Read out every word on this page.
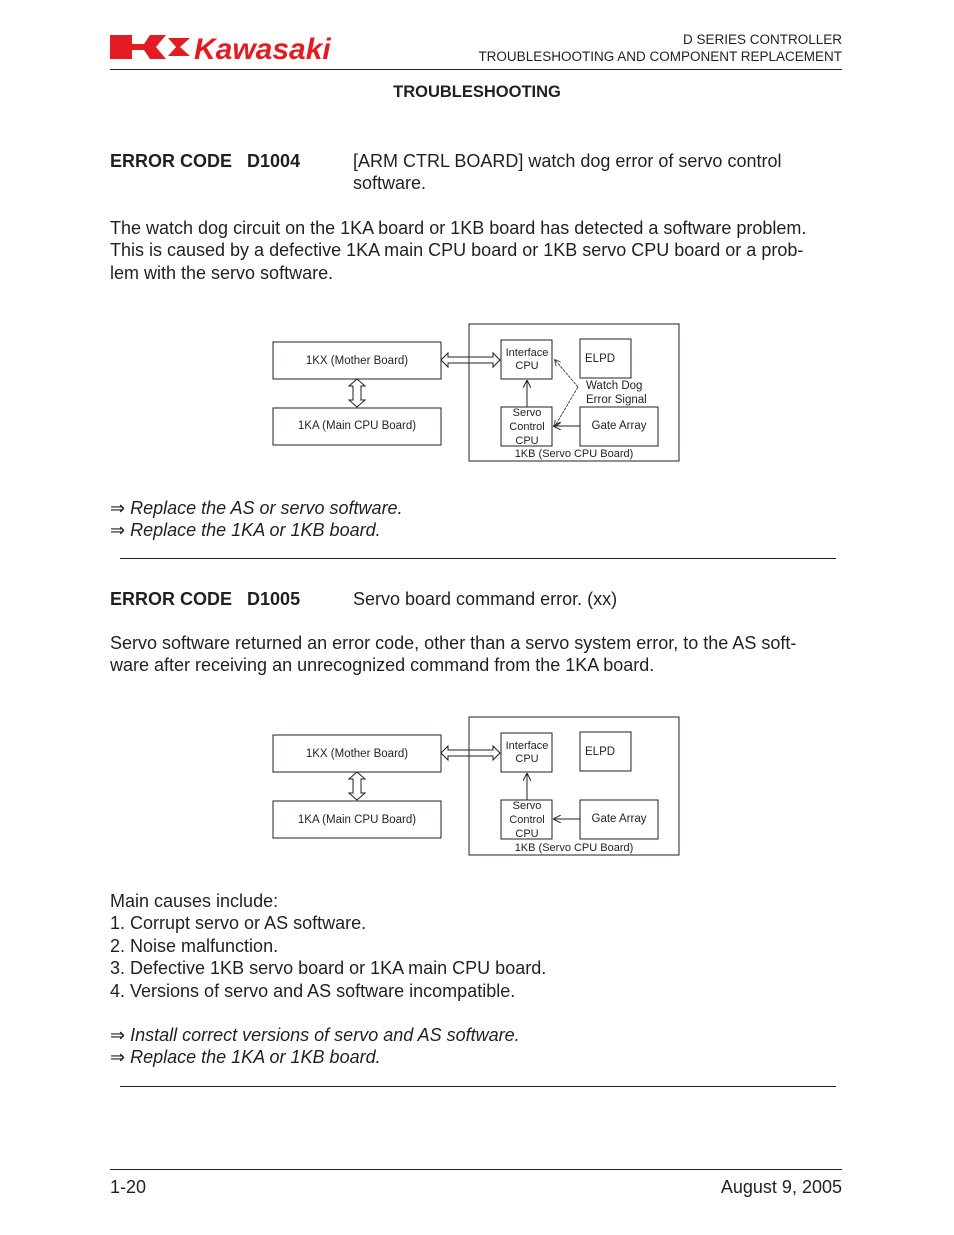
Kawasaki	D SERIES CONTROLLER
TROUBLESHOOTING AND COMPONENT REPLACEMENT
TROUBLESHOOTING
ERROR CODE D1004	[ARM CTRL BOARD] watch dog error of servo control
software.
The watch dog circuit on the 1KA board or 1KB board has detected a software problem.
This is caused by a defective 1KA main CPU board or 1KB servo CPU board or a prob-
lem with the servo software.
1KX (Mother Board)
1KA (Main CPU Board)
1KB (Servo CPU Board)
Interface
CPU
ELPD
Servo
Control
CPU
Gate Array
Watch Dog
Error Signal
⇒ Replace the AS or servo software.
⇒ Replace the 1KA or 1KB board.
ERROR CODE D1005	Servo board command error. (xx)
Servo software returned an error code, other than a servo system error, to the AS soft-
ware after receiving an unrecognized command from the 1KA board.
1KX (Mother Board)
1KA (Main CPU Board)
1KB (Servo CPU Board)
Interface
CPU
ELPD
Servo
Control
CPU
Gate Array
Main causes include:
1. Corrupt servo or AS software.
2. Noise malfunction.
3. Defective 1KB servo board or 1KA main CPU board.
4. Versions of servo and AS software incompatible.
⇒ Install correct versions of servo and AS software.
⇒ Replace the 1KA or 1KB board.
1-20	August 9, 2005
